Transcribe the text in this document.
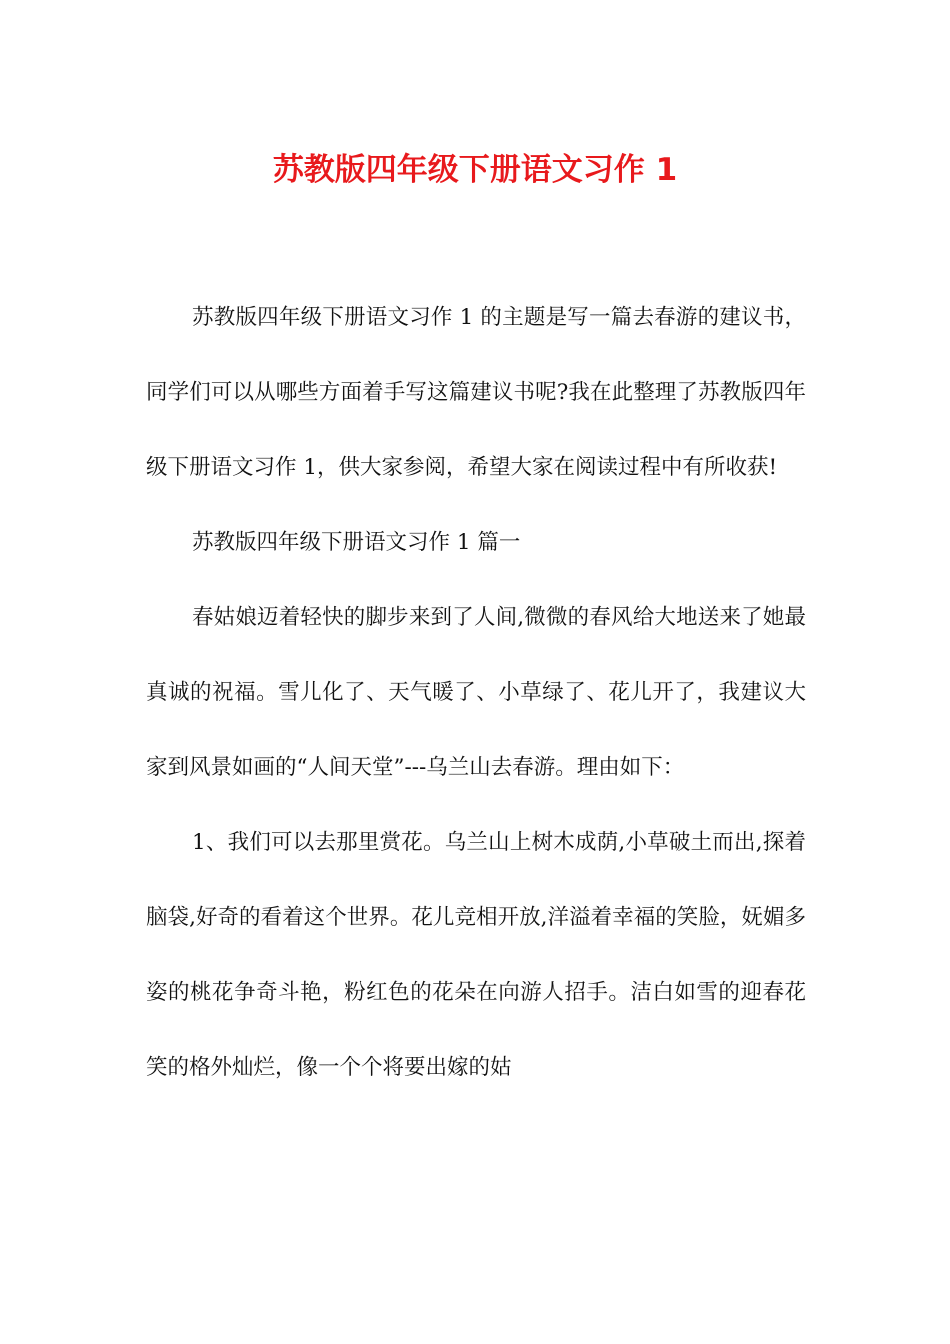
苏教版四年级下册语文习作 1

苏教版四年级下册语文习作 1 的主题是写一篇去春游的建议书，同学们可以从哪些方面着手写这篇建议书呢?我在此整理了苏教版四年级下册语文习作 1，供大家参阅，希望大家在阅读过程中有所收获!

苏教版四年级下册语文习作 1 篇一

春姑娘迈着轻快的脚步来到了人间,微微的春风给大地送来了她最真诚的祝福。雪儿化了、天气暖了、小草绿了、花儿开了，我建议大家到风景如画的“人间天堂”---乌兰山去春游。理由如下：

1、我们可以去那里赏花。乌兰山上树木成荫,小草破土而出,探着脑袋,好奇的看着这个世界。花儿竞相开放,洋溢着幸福的笑脸，妩媚多姿的桃花争奇斗艳，粉红色的花朵在向游人招手。洁白如雪的迎春花笑的格外灿烂，像一个个将要出嫁的姑
